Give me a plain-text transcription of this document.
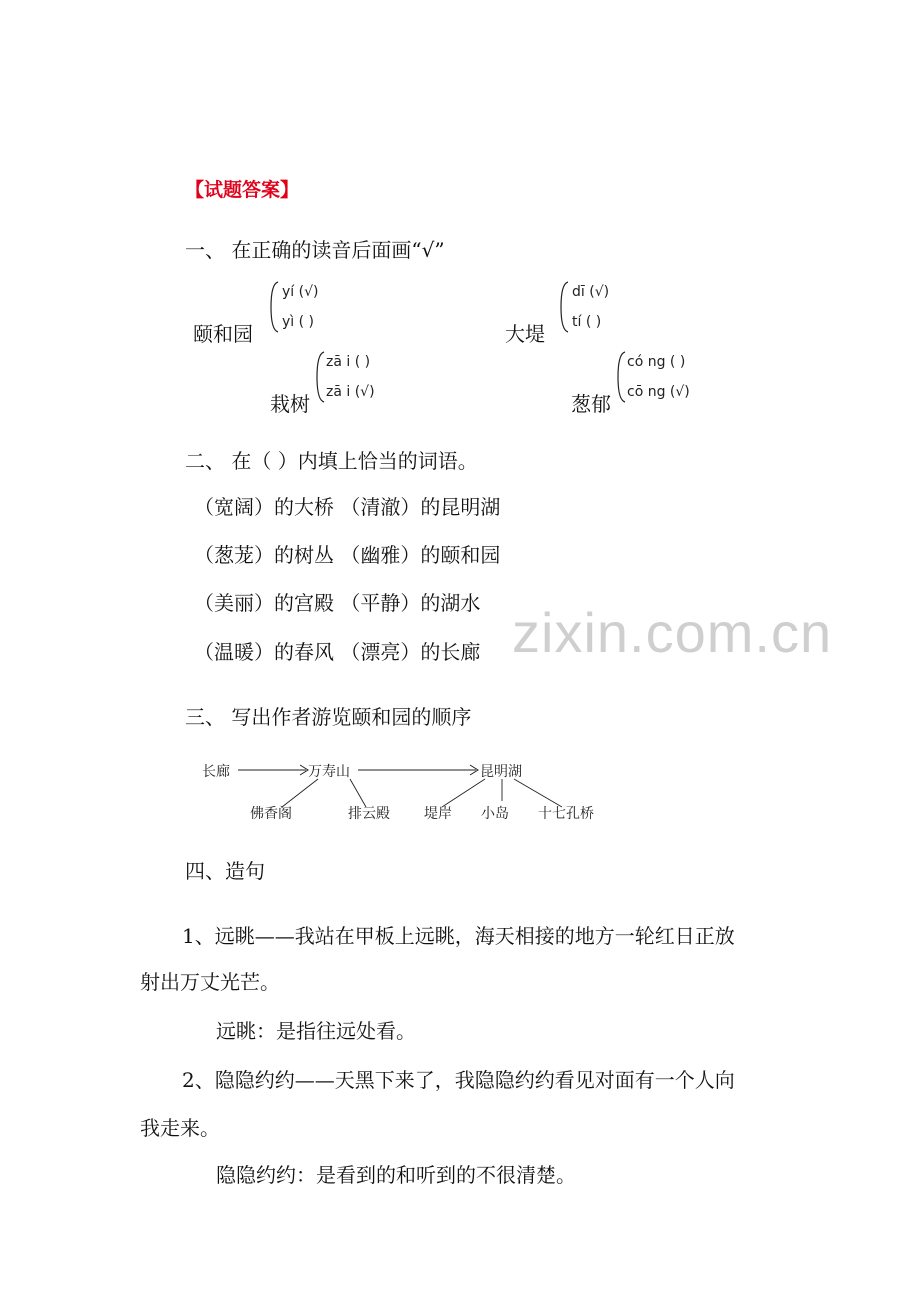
zixin.com.cn
【试题答案】
一、 在正确的读音后面画“√”
yí (√)
yì ( )
颐和园
dī (√)
tí ( )
大堤
zā i ( )
zā i (√)
栽树
có ng ( )
cō ng (√)
葱郁
二、 在（ ）内填上恰当的词语。
（宽阔）的大桥 （清澈）的昆明湖
（葱茏）的树丛 （幽雅）的颐和园
（美丽）的宫殿 （平静）的湖水
（温暖）的春风 （漂亮）的长廊
三、 写出作者游览颐和园的顺序
长廊	万寿山	昆明湖
佛香阁	排云殿 堤岸 小岛 十七孔桥
四、造句
1、远眺——我站在甲板上远眺，海天相接的地方一轮红日正放
射出万丈光芒。
远眺：是指往远处看。
2、隐隐约约——天黑下来了，我隐隐约约看见对面有一个人向
我走来。
隐隐约约：是看到的和听到的不很清楚。
